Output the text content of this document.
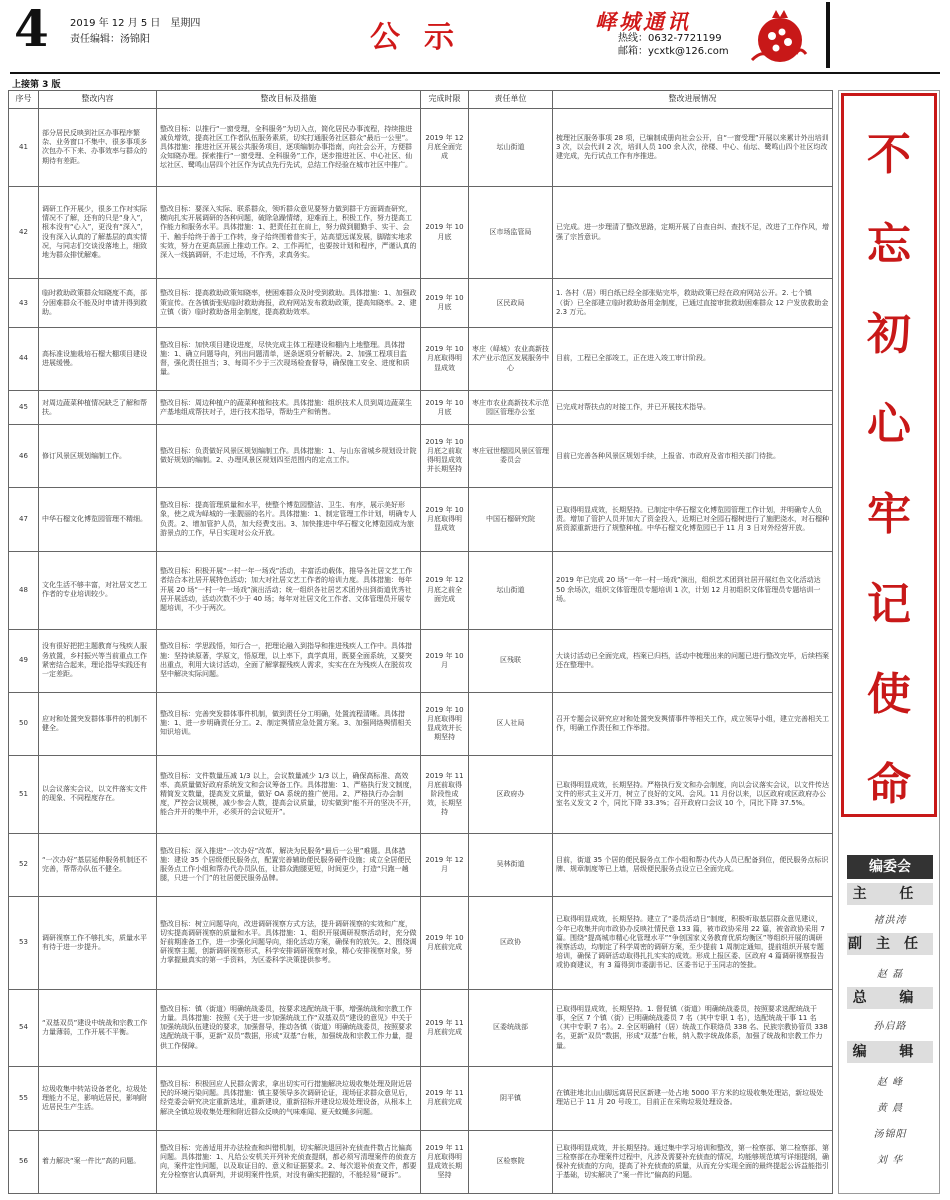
4 2019 年 12 月 5 日　星期四
责任编辑：汤锦阳	公示	峄城通讯
热线：0632-7721199
邮箱：ycxtk@126.com
上接第 3 版
序号	整改内容	整改目标及措施	完成时限	责任单位	整改进展情况
41	部分居民反映到社区办事程序繁杂、业务窗口不集中、很多事项多次包办不下来、办事效率与群众的期待有差距。	整改目标：以推行“一窗受理，全科服务”为切入点，简化居民办事流程，持续推进减负增效，提高社区工作者队伍服务素质，切实打通服务社区群众“最后一公里”。具体措施：推进社区开展公共服务项目，逐项编制办事指南，向社会公开，方便群众知晓办理。探索推行“一窗受理、全科服务”工作，逐步推进社区、中心社区、仙坛社区、鹭鸣山居四个社区作为试点先行先试，总结工作经验在城市社区中推广。	2019 年 12 月底全面完成	坛山街道	梳理社区服务事项 28 项，已编制成册向社会公开，自“一窗受理”开展以来累计外出培训 3 次，以会代训 2 次，培训人员 100 余人次，徐楼、中心、仙坛、鹭鸣山四个社区均改建完成，先行试点工作有序推进。
42	调研工作开展少，很多工作对实际情况不了解，还有的只是“身入”，根本没有“心入”，更没有“深入”，没有深入认真的了解基层的真实情况，与同志们交谈没落地上，细致地为群众排忧解难。	整改目标：要深入实际、联系群众，领听群众意见要努力做到群干方面调查研究，横向扎实开展调研的各种问题，破除急躁情绪，迎难而上，积极工作，努力提高工作能力和服务水平。具体措施：1、把责任扛在肩上，努力做到腿勤手、实干、会干、触手给终于善于工作转，身子给终围着普实于，站高望远谋发展，脚踏实地求实效，努力在更高层面上推动工作。2、工作再忙，也要按计划和程序，严谨认真的深入一线搞调研，不走过场，不作秀，求真务实。	2019 年 10 月底	区市场监管局	已完成。进一步理清了整改思路，定期开展了自查自纠、查找不足，改进了工作作风，增强了宗旨意识。
43	临时救助政策群众知晓度不高，部分困难群众不能及时申请并得到救助。	整改目标：提高救助政策知晓率，使困难群众及时受到救助。具体措施：1、加强政策宣传。在各镇街张贴临时救助海报，政府网站发布救助政策，提高知晓率。2、建立镇（街）临时救助备用金制度，提高救助效率。	2019 年 10 月底	区民政局	1. 各村（居）明白纸已经全部张贴完毕，救助政策已经在政府网站公开。2. 七个镇（街）已全部建立临时救助备用金制度，已通过直接审批救助困难群众 12 户发放救助金 2.3 万元。
44	高标准设施栽培石榴大棚项目建设进展缓慢。	整改目标：加快项目建设进度，尽快完成主体工程建设和棚内上地整理。具体措施：1、确立问题导向，列出问题清单，逐条逐项分析解决。2、加强工程项目监督，强化责任担当；3、每周不少于三次现场检查督导，确保施工安全、进度和质量。	2019 年 10 月底取得明显成效	枣庄（峄城）农业高新技术产业示范区发展服务中心	目前，工程已全部竣工，正在进入竣工审计阶段。
45	对周边蔬菜种植情况缺乏了解和帮扶。	整改目标：周边种植户的蔬菜种植和技术。具体措施：组织技术人员到周边蔬菜生产基地组成帮扶对子，进行技术指导，帮助生产和销售。	2019 年 10 月底	枣庄市农业高新技术示范园区管理办公室	已完成对帮扶点的对接工作，并已开展技术指导。
46	修订风景区规划编制工作。	整改目标：负责做好风景区规划编制工作。具体措施：1、与山东省城乡规划设计院做好规划的编制。2、办理风景区规划四至范围内的定点工作。	2019 年 10 月底之前取得明显成效并长期坚持	枣庄冠世榴园风景区管理委员会	目前已完善各种风景区规划手续，上报省、市政府及省市相关部门待批。
47	中华石榴文化博览园管理不精细。	整改目标：提高管理质量和水平，使整个博览园整洁、卫生、有序，展示美好形象，使之成为峄城的一张靓丽的名片。具体措施：1、制定管理工作计划，明确专人负责。2、增加管护人员，加大经费支出。3、加快推进中华石榴文化博览园成为旅游景点的工作，早日实现对公众开放。	2019 年 10 月底取得明显成效	中国石榴研究院	已取得明显成效，长期坚持。已制定中华石榴文化博览园管理工作计划，并明确专人负责。增加了管护人员并加大了资金投入，近期已对全园石榴树进行了施肥浇水，对石榴种质资源重新进行了规整种植。中华石榴文化博览园已于 11 月 3 日对外经营开放。
48	文化生活不够丰富，对社居文艺工作者的专业培训较少。	整改目标：积极开展“一村一年一场戏”活动，丰富活动载体，推导各社居文艺工作者结合本社居开展特色活动；加大对社居文艺工作者的培训力度。具体措施：每年开展 20 场“一村一年一场戏”演出活动；统一组织各社居艺术团外出到街道优秀社居开展活动，活动次数不少于 40 场；每年对社居文化工作者、文体管理员开展专题培训，不少于两次。	2019 年 12 月底之前全面完成	坛山街道	2019 年已完成 20 场“一年一村一场戏”演出，组织艺术团到社居开展红色文化活动达 50 余场次，组织文体管理员专题培训 1 次，计划 12 月初组织文体管理员专题培训一场。
49	没有很好把把主题教育与残疾人服务放置，乡村振兴等当前重点工作紧密结合起来，理论指导实践还有一定差距。	整改目标：学思践悟，知行合一，把理论融入到指导和推进残疾人工作中。具体措施：坚持读原著，学原文，悟原理，以上率下，真学真用，既要全面系统，又要突出重点，利用大谈讨活动，全面了解掌握残疾人需求，实实在在为残疾人在脱贫攻坚中解决实际问题。	2019 年 10 月	区残联	大谈讨活动已全面完成，档案已归档，活动中梳理出来的问题已进行整改完毕，后续档案还在整理中。
50	应对和处置突发群体事件的机制不健全。	整改目标：完善突发群体事件机制，做到责任分工明确，处置流程清晰。具体措施：1、进一步明确责任分工。2、制定舆情应急处置方案。3、加强网络舆情相关知识培训。	2019 年 10 月底取得明显成效并长期坚持	区人社局	召开专题会议研究应对和处置突发舆情事件等相关工作，成立领导小组，建立完善相关工作，明确工作责任和工作举措。
51	以会议落实会议，以文件落实文件的现象、不同程度存在。	整改目标：文件数量压减 1/3 以上，会议数量减少 1/3 以上，确保高标准、高效率、高质量做好政府系统发文和会议筹备工作。具体措施：1、严格执行发文制度，精简发文数量，提高发文质量，做好 OA 系统的推广使用。2、严格执行办会制度，严控会议规模，减少参会人数，提高会议质量，切实做到“能不开的坚决不开，能合并开的集中开，必须开的会议短开”。	2019 年 11 月底前取得阶段性成效，长期坚持	区政府办	已取得明显成效，长期坚持。严格执行发文和办会制度，向以会议落实会议，以文件传达文件的形式主义开刀，树立了良好的文风、会风。11 月份以来，以区政府或区政府办公室名义发文 2 个，同比下降 33.3%；召开政府口会议 10 个，同比下降 37.5%。
52	“一次办好”基层延伸服务机制还不完善，帮帮办队伍不健全。	整改目标：深入推进“一次办好”改革，解决为民服务“最后一公里”难题。具体措施：建设 35 个居级便民服务点，配置完善辅助便民服务硬件设施；成立全居便民服务点工作小组和帮办代办员队伍，让群众跑腿更短，时间更少，打造“只跑一趟腿，只进一个门”的社居便民服务品牌。	2019 年 12 月	吴林街道	目前，街道 35 个居的便民服务点工作小组和帮办代办人员已配备到位，便民服务点标识牌、规章制度等已上墙，居级便民服务点设立已全面完成。
53	调研视察工作不够扎实，质量水平有待于进一步提升。	整改目标：树立问题导向，改进调研视察方式方法，提升调研视察的实效和广度，切实提高调研视察的质量和水平。具体措施：1、组织开展调研视察活动时，充分做好前期准备工作，进一步强化问题导向，细化活动方案，确保有的放矢。2、围绕调研视察主题，创新调研视察形式，科学安排调研视察对象，精心安排视察对象，努力掌握最真实的第一手资料，为区委科学决策提供参考。	2019 年 10 月底前完成	区政协	已取得明显成效，长期坚持。建立了“委员活动日”制度，积极听取基层群众意见建议，今年已收集并向市政协办反映社情民意 133 篇，被市政协采用 22 篇，被省政协采用 7 篇。围绕“提高城市精心化管理水平”“争创国家义务教育优质均衡区”等组织开展的调研视察活动，均制定了科学周密的调研方案，至少提前 1 周制定通知，提前组织开展专题培训，确保了调研活动取得扎扎实实的成效。形成上报区委、区政府 4 篇调研视察报告或协商建议，有 3 篇得到市委副书记、区委书记于玉同志的签批。
54	“双基双员”建设中统战和宗教工作力量薄弱，工作开展不平衡。	整改目标：镇（街道）明确统战委员，按要求选配统战干事，增强统战和宗教工作力量。具体措施：按照《关于进一步加强统战工作“双基双员”建设的意见》中关于加强统战队伍建设的要求，加强督导，推动各镇（街道）明确统战委员，按照要求选配统战干事，更新“双员”数据，形成“双基”台帐，加强统战和宗教工作力量，提供工作保障。	2019 年 11 月底前完成	区委统战部	已取得明显成效，长期坚持。1. 督促镇（街道）明确统战委员，按照要求选配统战干事，全区 7 个镇（街）已明确统战委员 7 名（其中专职 1 名），选配统战干事 11 名（其中专职 7 名）。2. 全区明确村（居）统战工作联络员 338 名、民族宗教协管员 338 名，更新“双员”数据，形成“双基”台帐，纳入数字统战体系，加强了统战和宗教工作力量。
55	垃圾收集中转站设备老化，垃圾处理能力不足，影响近居民，影响附近居民生产生活。	整改目标：积极回应人民群众需求，拿出切实可行措施解决垃圾收集处理及附近居民的环境污染问题。具体措施：镇主要领导多次调研论证，现场征求群众意见后，经党委会研究决定重新选址，重新建设，重新招标并建设垃圾处理设备，从根本上解决全镇垃圾收集处理和附近群众反映的气味难闻、夏天蚊蝇多问题。	2019 年 11 月底前完成	阴平镇	在镇驻地北山山脚远离居民区新建一处占地 5000 平方米的垃圾收集处理站，新垃圾处理站已于 11 月 20 号竣工，目前正在采购垃圾处理设备。
56	着力解决“案一件比”高的问题。	整改目标：完善适用并办法检查和纠错机制，切实解决退回补充侦查件数占比偏高问题。具体措施：1、凡给公安机关开列补充侦查提纲，都必须写清理案件的侦查方向，案件定性问题，以及取证目的、意义和证据要求。2、每次退补侦查文件，都要充分检察官认真研判，并说明案件性质，对没有确实把握的，不能轻易“硬诉”。	2019 年 11 月底取得明显成效长期坚持	区检察院	已取得明显成效，并长期坚持。通过集中学习培训和整改，第一检察部、第二检察部、第三检察部在办理案件过程中，凡涉及需要补充侦查的情况，均能够规范填写详细提纲，确保补充侦查的方向，提高了补充侦查的质量，从而充分实现全面的最终提起公诉益能指引于基础，切实解决了“案一件比”偏高的问题。
不
忘
初
心
牢
记
使
命
编委会
主 任
褚洪涛
副主任
赵 磊
总 编
孙启路
编 辑
赵 峰
黄 晨
汤锦阳
刘 华
